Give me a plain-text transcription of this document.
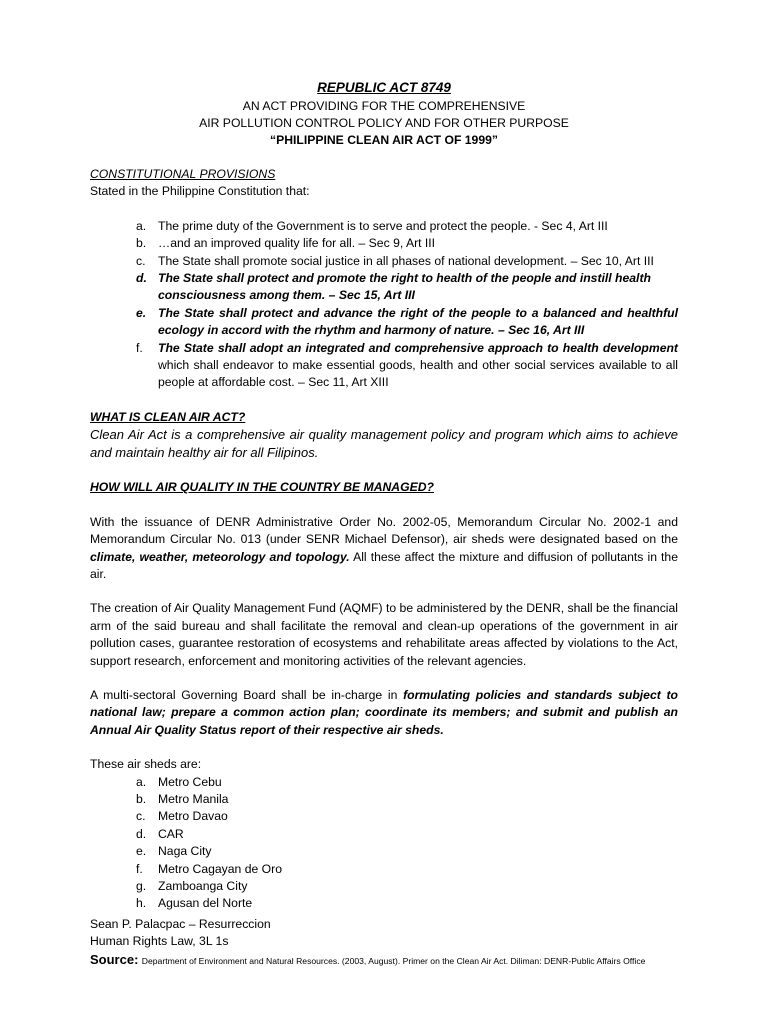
REPUBLIC ACT 8749
AN ACT PROVIDING FOR THE COMPREHENSIVE
AIR POLLUTION CONTROL POLICY AND FOR OTHER PURPOSE
“PHILIPPINE CLEAN AIR ACT OF 1999”
CONSTITUTIONAL PROVISIONS
Stated in the Philippine Constitution that:
a. The prime duty of the Government is to serve and protect the people. - Sec 4, Art III
b. …and an improved quality life for all. – Sec 9, Art III
c. The State shall promote social justice in all phases of national development. – Sec 10, Art III
d. The State shall protect and promote the right to health of the people and instill health consciousness among them. – Sec 15, Art III
e. The State shall protect and advance the right of the people to a balanced and healthful ecology in accord with the rhythm and harmony of nature. – Sec 16, Art III
f. The State shall adopt an integrated and comprehensive approach to health development which shall endeavor to make essential goods, health and other social services available to all people at affordable cost. – Sec 11, Art XIII
WHAT IS CLEAN AIR ACT?
Clean Air Act is a comprehensive air quality management policy and program which aims to achieve and maintain healthy air for all Filipinos.
HOW WILL AIR QUALITY IN THE COUNTRY BE MANAGED?
With the issuance of DENR Administrative Order No. 2002-05, Memorandum Circular No. 2002-1 and Memorandum Circular No. 013 (under SENR Michael Defensor), air sheds were designated based on the climate, weather, meteorology and topology. All these affect the mixture and diffusion of pollutants in the air.
The creation of Air Quality Management Fund (AQMF) to be administered by the DENR, shall be the financial arm of the said bureau and shall facilitate the removal and clean-up operations of the government in air pollution cases, guarantee restoration of ecosystems and rehabilitate areas affected by violations to the Act, support research, enforcement and monitoring activities of the relevant agencies.
A multi-sectoral Governing Board shall be in-charge in formulating policies and standards subject to national law; prepare a common action plan; coordinate its members; and submit and publish an Annual Air Quality Status report of their respective air sheds.
These air sheds are:
a. Metro Cebu
b. Metro Manila
c. Metro Davao
d. CAR
e. Naga City
f. Metro Cagayan de Oro
g. Zamboanga City
h. Agusan del Norte
Sean P. Palacpac – Resurreccion
Human Rights Law, 3L 1s
Source: Department of Environment and Natural Resources. (2003, August). Primer on the Clean Air Act. Diliman: DENR-Public Affairs Office
